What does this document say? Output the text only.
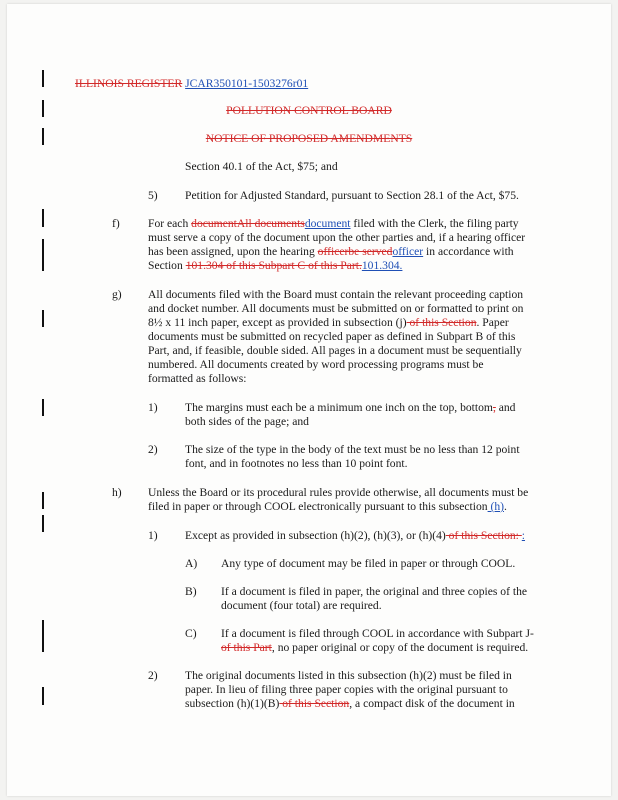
ILLINOIS REGISTER JCAR350101-1503276r01
POLLUTION CONTROL BOARD
NOTICE OF PROPOSED AMENDMENTS
Section 40.1 of the Act, $75; and
5) Petition for Adjusted Standard, pursuant to Section 28.1 of the Act, $75.
f) For each documentAll documentsdocument filed with the Clerk, the filing party
must serve a copy of the document upon the other parties and, if a hearing officer
has been assigned, upon the hearing officerbe servedofficer in accordance with
Section 101.304 of this Subpart C of this Part.101.304.
g) All documents filed with the Board must contain the relevant proceeding caption
and docket number. All documents must be submitted on or formatted to print on
8½ x 11 inch paper, except as provided in subsection (j) of this Section. Paper
documents must be submitted on recycled paper as defined in Subpart B of this
Part, and, if feasible, double sided. All pages in a document must be sequentially
numbered. All documents created by word processing programs must be
formatted as follows:
1) The margins must each be a minimum one inch on the top, bottom, and
both sides of the page; and
2) The size of the type in the body of the text must be no less than 12 point
font, and in footnotes no less than 10 point font.
h) Unless the Board or its procedural rules provide otherwise, all documents must be
filed in paper or through COOL electronically pursuant to this subsection (h).
1) Except as provided in subsection (h)(2), (h)(3), or (h)(4) of this Section: :
A) Any type of document may be filed in paper or through COOL.
B) If a document is filed in paper, the original and three copies of the
document (four total) are required.
C) If a document is filed through COOL in accordance with Subpart J-
of this Part, no paper original or copy of the document is required.
2) The original documents listed in this subsection (h)(2) must be filed in
paper. In lieu of filing three paper copies with the original pursuant to
subsection (h)(1)(B) of this Section, a compact disk of the document in
